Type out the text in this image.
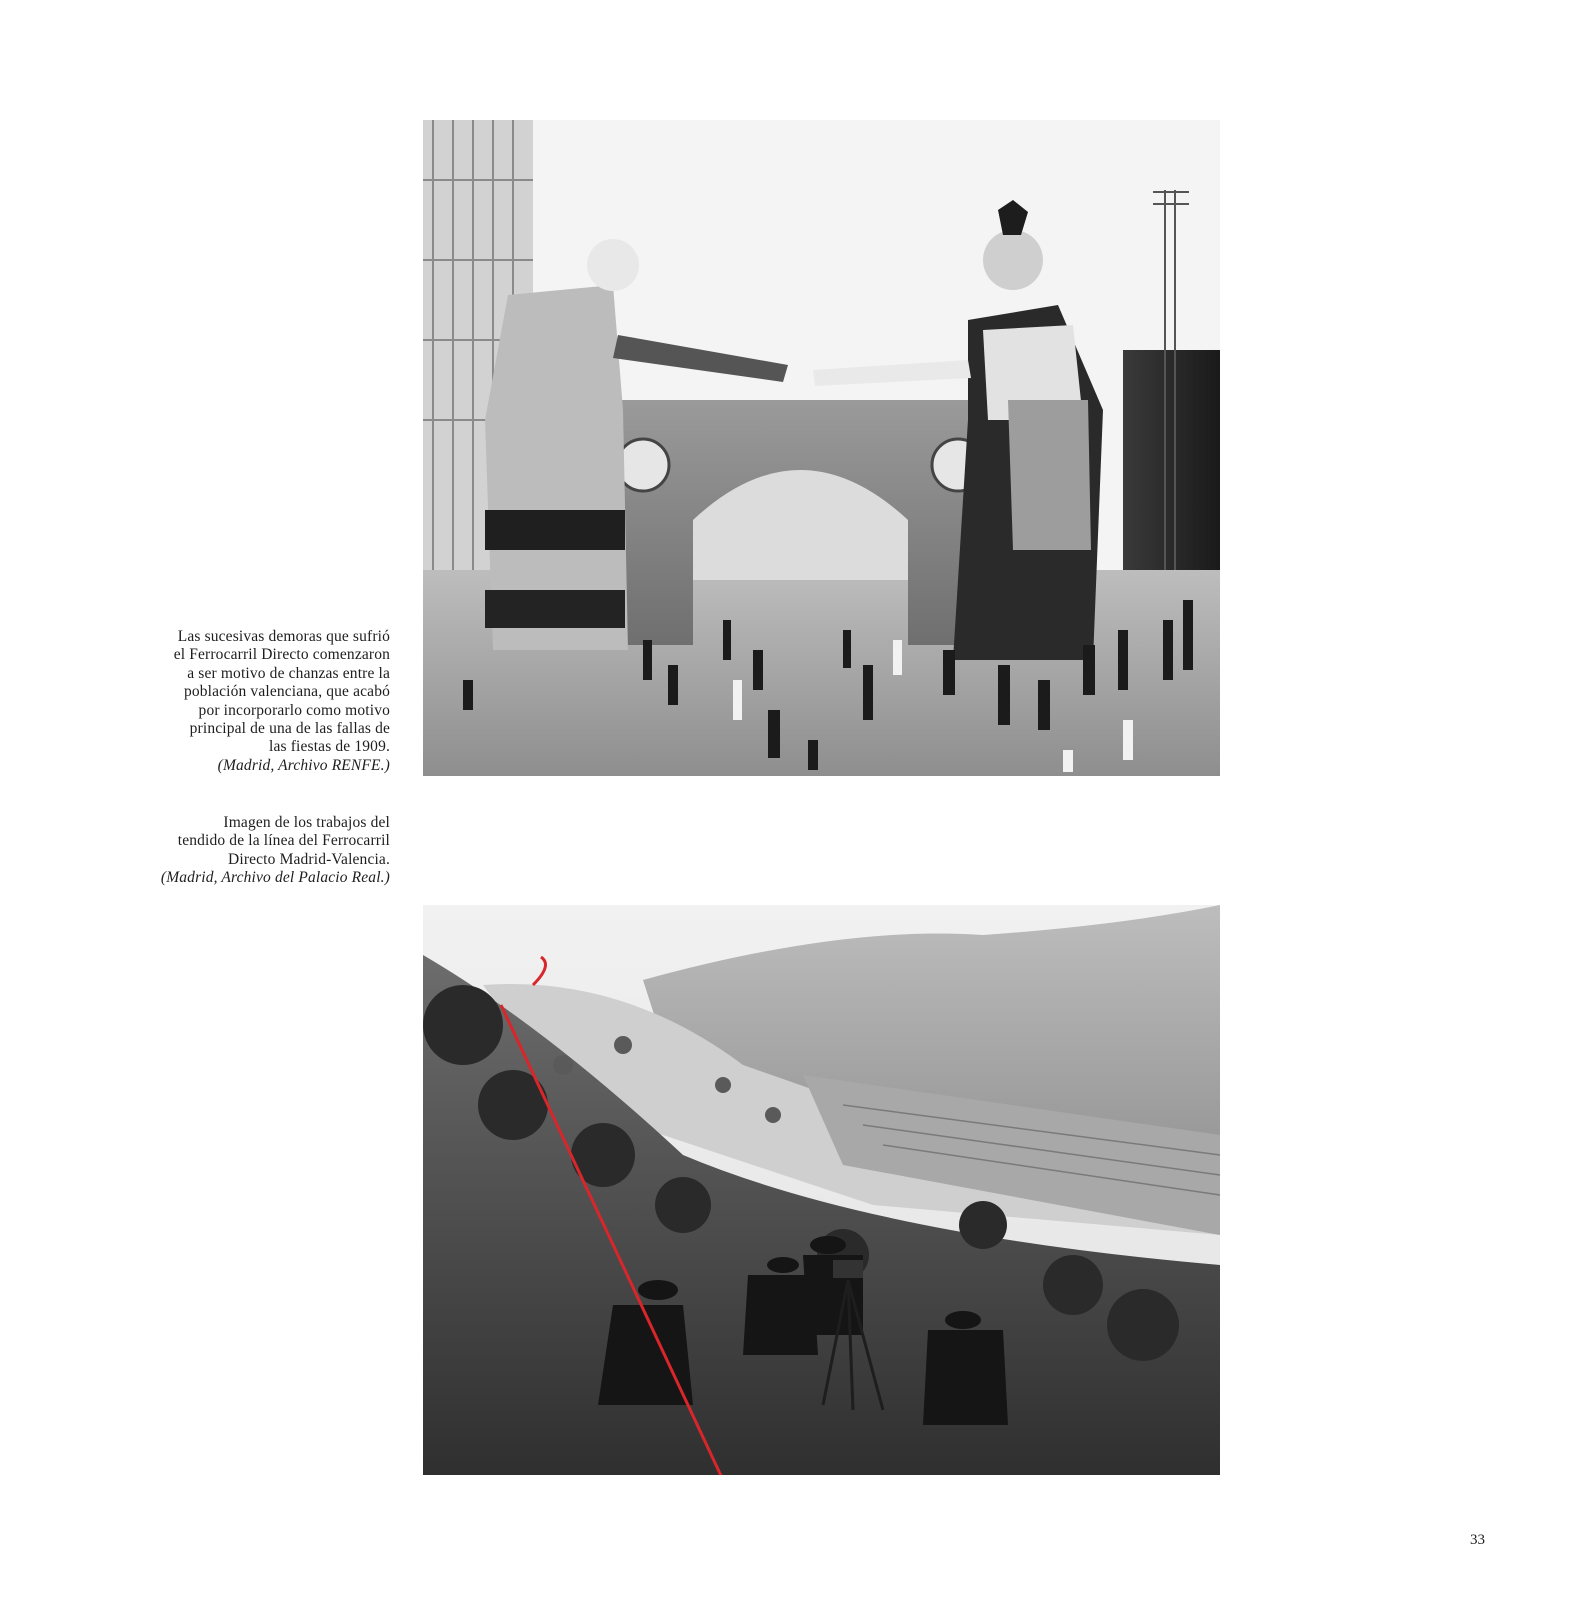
Las sucesivas demoras que sufrió
el Ferrocarril Directo comenzaron
a ser motivo de chanzas entre la
población valenciana, que acabó
por incorporarlo como motivo
principal de una de las fallas de
las fiestas de 1909.
(Madrid, Archivo RENFE.)
Imagen de los trabajos del
tendido de la línea del Ferrocarril
Directo Madrid-Valencia.
(Madrid, Archivo del Palacio Real.)
33
